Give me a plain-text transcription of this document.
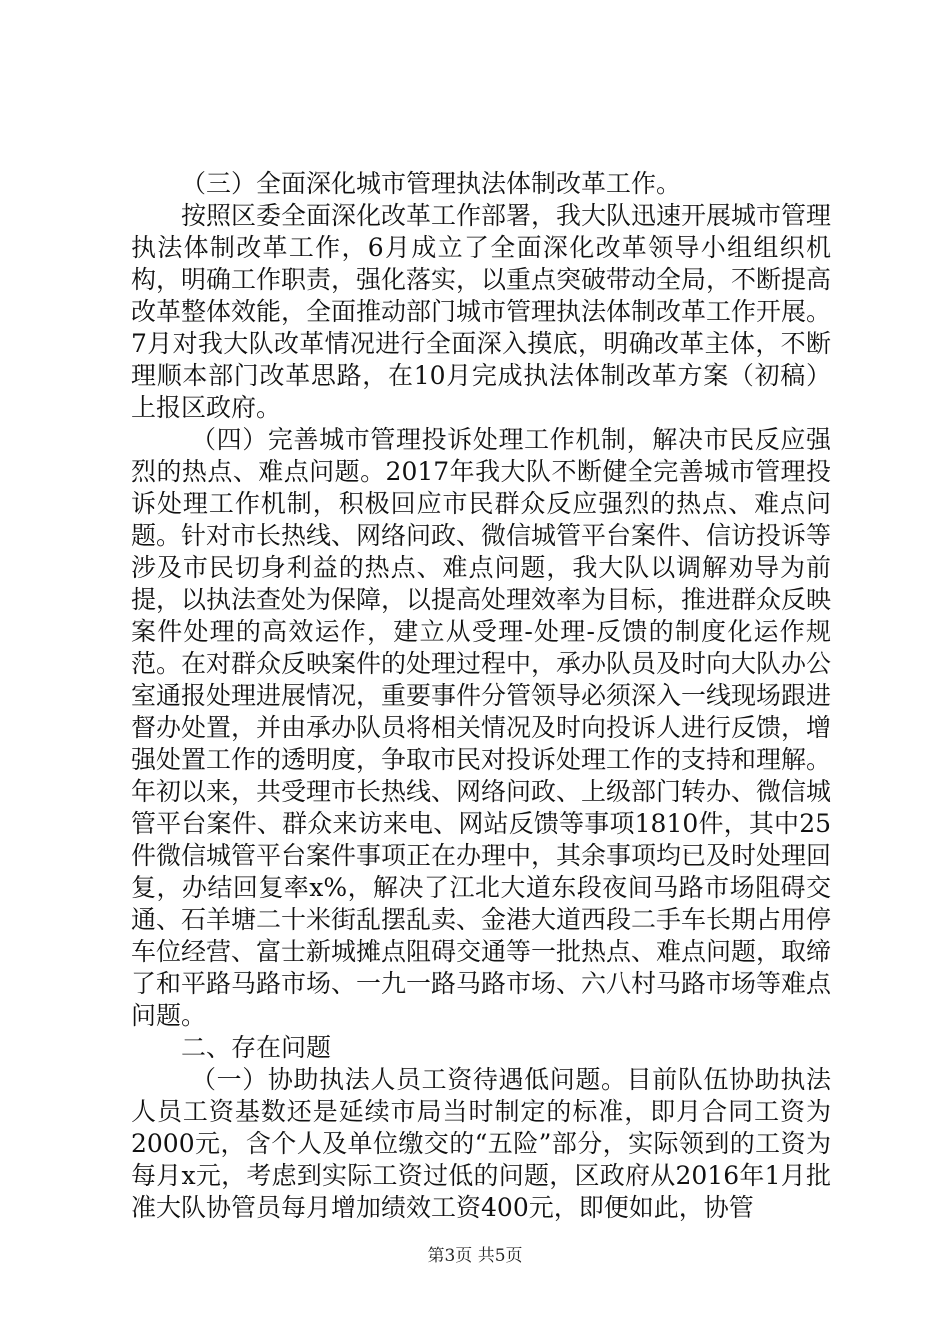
（三）全面深化城市管理执法体制改革工作。

按照区委全面深化改革工作部署，我大队迅速开展城市管理执法体制改革工作，6月成立了全面深化改革领导小组组织机构，明确工作职责，强化落实，以重点突破带动全局，不断提高改革整体效能，全面推动部门城市管理执法体制改革工作开展。7月对我大队改革情况进行全面深入摸底，明确改革主体，不断理顺本部门改革思路，在10月完成执法体制改革方案（初稿）上报区政府。

（四）完善城市管理投诉处理工作机制，解决市民反应强烈的热点、难点问题。2017年我大队不断健全完善城市管理投诉处理工作机制，积极回应市民群众反应强烈的热点、难点问题。针对市长热线、网络问政、微信城管平台案件、信访投诉等涉及市民切身利益的热点、难点问题，我大队以调解劝导为前提，以执法查处为保障，以提高处理效率为目标，推进群众反映案件处理的高效运作，建立从受理-处理-反馈的制度化运作规范。在对群众反映案件的处理过程中，承办队员及时向大队办公室通报处理进展情况，重要事件分管领导必须深入一线现场跟进督办处置，并由承办队员将相关情况及时向投诉人进行反馈，增强处置工作的透明度，争取市民对投诉处理工作的支持和理解。年初以来，共受理市长热线、网络问政、上级部门转办、微信城管平台案件、群众来访来电、网站反馈等事项1810件，其中25件微信城管平台案件事项正在办理中，其余事项均已及时处理回复，办结回复率x%，解决了江北大道东段夜间马路市场阻碍交通、石羊塘二十米街乱摆乱卖、金港大道西段二手车长期占用停车位经营、富士新城摊点阻碍交通等一批热点、难点问题，取缔了和平路马路市场、一九一路马路市场、六八村马路市场等难点问题。

二、存在问题

（一）协助执法人员工资待遇低问题。目前队伍协助执法人员工资基数还是延续市局当时制定的标准，即月合同工资为2000元，含个人及单位缴交的“五险”部分，实际领到的工资为每月x元，考虑到实际工资过低的问题，区政府从2016年1月批准大队协管员每月增加绩效工资400元，即便如此，协管

第3页 共5页
